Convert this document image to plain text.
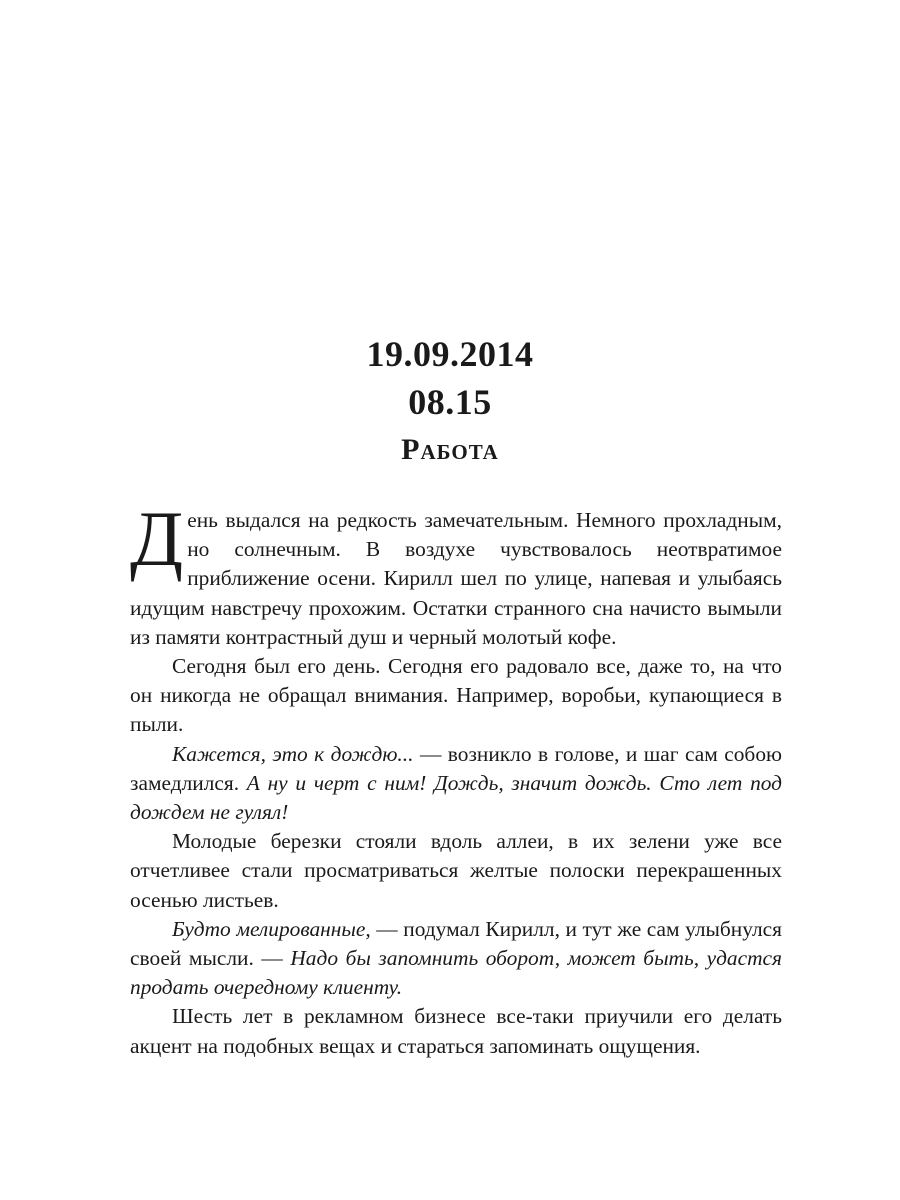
19.09.2014
08.15
Работа

День выдался на редкость замечательным. Немного прохладным, но солнечным. В воздухе чувствовалось неотвратимое приближение осени. Кирилл шел по улице, напевая и улыбаясь идущим навстречу прохожим. Остатки странного сна начисто вымыли из памяти контрастный душ и черный молотый кофе.

Сегодня был его день. Сегодня его радовало все, даже то, на что он никогда не обращал внимания. Например, воробьи, купающиеся в пыли.

Кажется, это к дождю... — возникло в голове, и шаг сам собою замедлился. А ну и черт с ним! Дождь, значит дождь. Сто лет под дождем не гулял!

Молодые березки стояли вдоль аллеи, в их зелени уже все отчетливее стали просматриваться желтые полоски перекрашенных осенью листьев.

Будто мелированные, — подумал Кирилл, и тут же сам улыбнулся своей мысли. — Надо бы запомнить оборот, может быть, удастся продать очередному клиенту.

Шесть лет в рекламном бизнесе все-таки приучили его делать акцент на подобных вещах и стараться запоминать ощущения.
